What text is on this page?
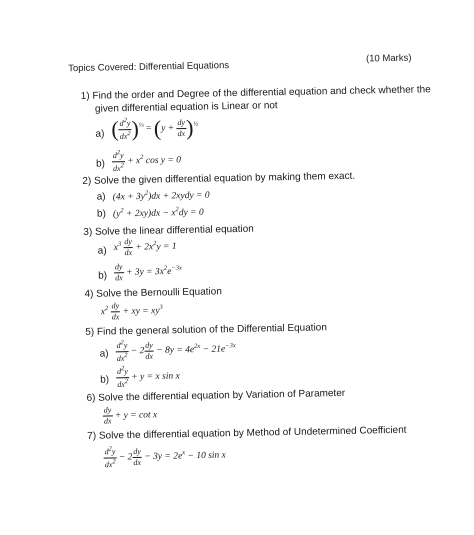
Topics Covered: Differential Equations
(10 Marks)
1) Find the order and Degree of the differential equation and check whether the
given differential equation is Linear or not
a) ( $\frac{d^2y}{dx^2} )^{\frac{1}{3}} = (y + \frac{dy}{dx} )^{\frac{1}{2}}$
$b) \frac{d^2y}{dx^2} + x^2$ cos y = 0
2) Solve the given differential equation by making them exact.
a) $(4x + 3y^2)dx$ + 2xydy = 0
b) $(y^2 + 2xy)dx - x^2dy = 0$
3) Solve the linear differential equation
a) $x^3 \frac{dy}{dx} + 2x^2y = 1$
$b) \frac{dy}{dx} + 3y = 3x^2e^{-3x}$
4) Solve the Bernoulli Equation
$x^2 \frac{dy}{dx}$ + xy = $xy^3$
5) Find the general solution of the Differential Equation
$a) \frac{d^2y}{dx^2} - 2 \frac{dy}{dx} - 8y = 4e^{2x} - 21e^{-3x}$
$b) \frac{d^2y}{dx^2} + y = x$ sin x
6) Solve the differential equation by Variation of Parameter
$\frac{dy}{dx} + y = \cot x$
7) Solve the differential equation by Method of Undetermined Coefficient
$\frac{d^2y}{dx^2} - 2 \frac{dy}{dx} - 3y = 2e^x - 10$ sin x
